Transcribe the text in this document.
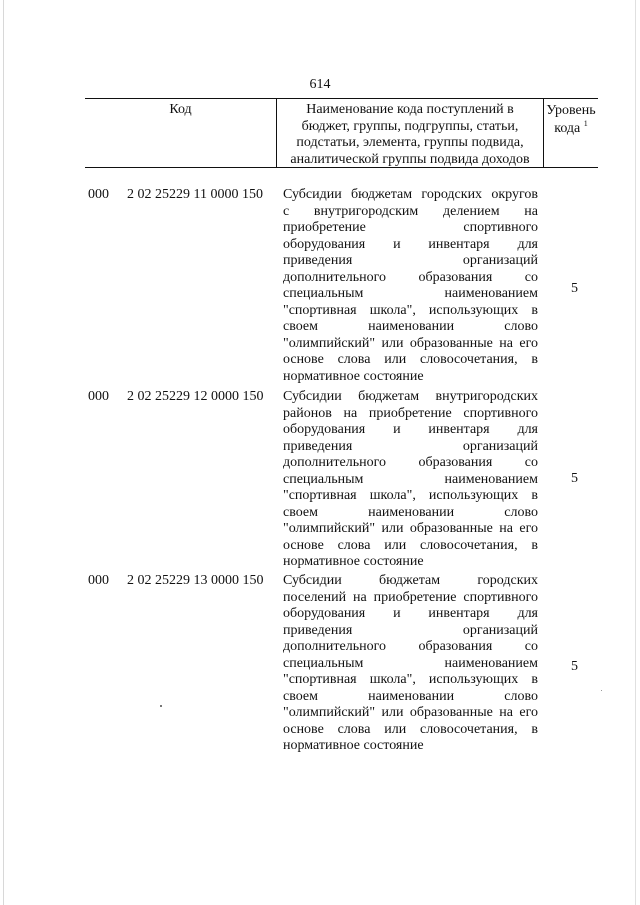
614
Код	Наименование кода поступлений в
бюджет, группы, подгруппы, статьи,
подстатьи, элемента, группы подвида,
аналитической группы подвида доходов
Уровень
кода $^1$
000 2 02 25229 11 0000 150 Субсидии бюджетам городских округов
с внутригородским делением на
приобретение спортивного
оборудования и инвентаря для
приведения организаций
дополнительного образования со
специальным наименованием
"спортивная школа", использующих в
своем наименовании слово
"олимпийский" или образованные на его
основе слова или словосочетания, в
нормативное состояние
5
000 2 02 25229 12 0000 150 Субсидии бюджетам внутригородских
районов на приобретение спортивного
оборудования и инвентаря для
приведения организаций
дополнительного образования со
специальным наименованием
"спортивная школа", использующих в
своем наименовании слово
"олимпийский" или образованные на его
основе слова или словосочетания, в
нормативное состояние
5
000 2 02 25229 13 0000 150 Субсидии бюджетам городских
поселений на приобретение спортивного
оборудования и инвентаря для
приведения организаций
дополнительного образования со
специальным наименованием
"спортивная школа", использующих в
своем наименовании слово
"олимпийский" или образованные на его
основе слова или словосочетания, в
нормативное состояние
5
